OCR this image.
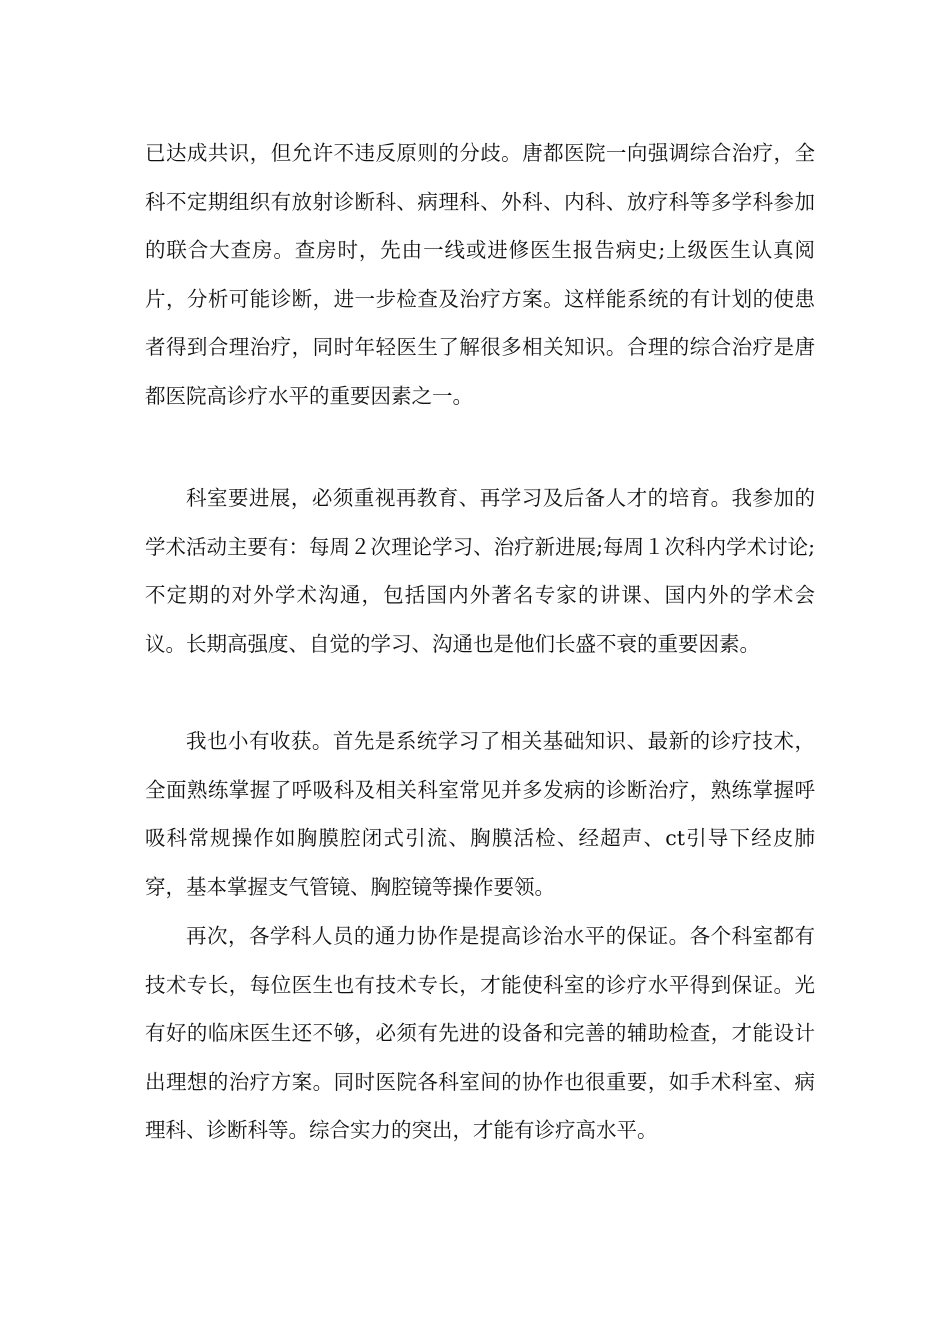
已达成共识，但允许不违反原则的分歧。唐都医院一向强调综合治疗，全科不定期组织有放射诊断科、病理科、外科、内科、放疗科等多学科参加的联合大查房。查房时，先由一线或进修医生报告病史;上级医生认真阅片，分析可能诊断，进一步检查及治疗方案。这样能系统的有计划的使患者得到合理治疗，同时年轻医生了解很多相关知识。合理的综合治疗是唐都医院高诊疗水平的重要因素之一。

科室要进展，必须重视再教育、再学习及后备人才的培育。我参加的学术活动主要有：每周２次理论学习、治疗新进展;每周１次科内学术讨论;不定期的对外学术沟通，包括国内外著名专家的讲课、国内外的学术会议。长期高强度、自觉的学习、沟通也是他们长盛不衰的重要因素。

我也小有收获。首先是系统学习了相关基础知识、最新的诊疗技术，全面熟练掌握了呼吸科及相关科室常见并多发病的诊断治疗，熟练掌握呼吸科常规操作如胸膜腔闭式引流、胸膜活检、经超声、ct引导下经皮肺穿，基本掌握支气管镜、胸腔镜等操作要领。

再次，各学科人员的通力协作是提高诊治水平的保证。各个科室都有技术专长，每位医生也有技术专长，才能使科室的诊疗水平得到保证。光有好的临床医生还不够，必须有先进的设备和完善的辅助检查，才能设计出理想的治疗方案。同时医院各科室间的协作也很重要，如手术科室、病理科、诊断科等。综合实力的突出，才能有诊疗高水平。
